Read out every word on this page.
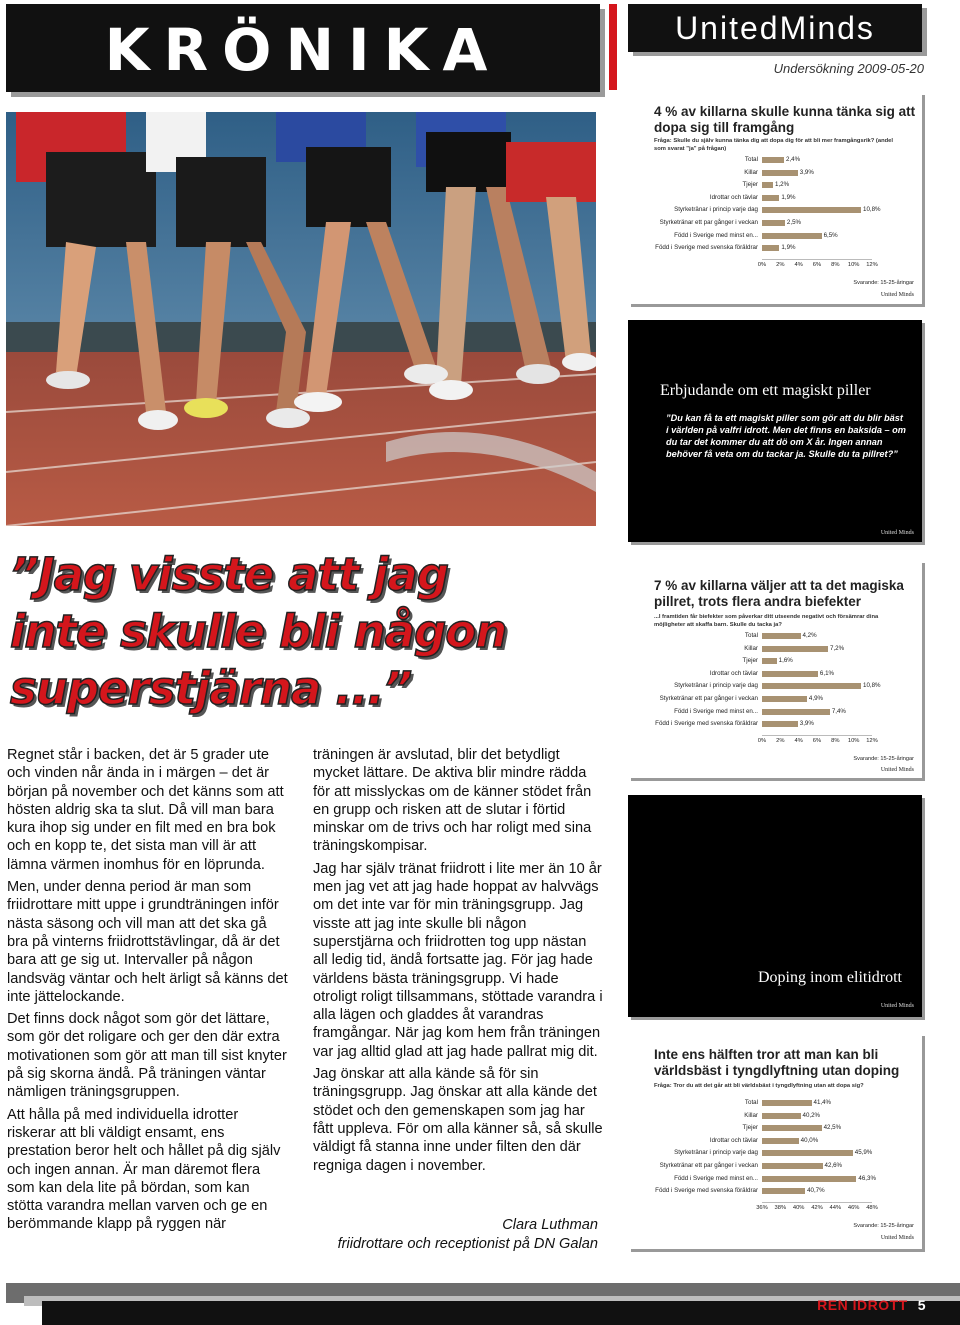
KRÖNIKA	UnitedMinds
Undersökning 2009-05-20
”Jag visste att jag
inte skulle bli någon
superstjärna ...”

Regnet står i backen, det är 5 grader ute och vinden når ända in i märgen – det är början på november och det känns som att hösten aldrig ska ta slut. Då vill man bara kura ihop sig under en filt med en bra bok och en kopp te, det sista man vill är att lämna värmen inomhus för en löprunda.

Men, under denna period är man som friidrottare mitt uppe i grundträningen inför nästa säsong och vill man att det ska gå bra på vinterns friidrottstävlingar, då är det bara att ge sig ut. Intervaller på någon landsväg väntar och helt ärligt så känns det inte jättelockande.

Det finns dock något som gör det lättare, som gör det roligare och ger den där extra motivationen som gör att man till sist knyter på sig skorna ändå. På träningen väntar nämligen träningsgruppen.

Att hålla på med individuella idrotter riskerar att bli väldigt ensamt, ens prestation beror helt och hållet på dig själv och ingen annan. Är man däremot flera som kan dela lite på bördan, som kan stötta varandra mellan varven och ge en berömmande klapp på ryggen när

träningen är avslutad, blir det betydligt mycket lättare. De aktiva blir mindre rädda för att misslyckas om de känner stödet från en grupp och risken att de slutar i förtid minskar om de trivs och har roligt med sina träningskompisar.

Jag har själv tränat friidrott i lite mer än 10 år men jag vet att jag hade hoppat av halvvägs om det inte var för min träningsgrupp. Jag visste att jag inte skulle bli någon superstjärna och friidrotten tog upp nästan all ledig tid, ändå fortsatte jag. För jag hade världens bästa träningsgrupp. Vi hade otroligt roligt tillsammans, stöttade varandra i alla lägen och gladdes åt varandras framgångar. När jag kom hem från träningen var jag alltid glad att jag hade pallrat mig dit.

Jag önskar att alla kände så för sin träningsgrupp. Jag önskar att alla kände det stödet och den gemenskapen som jag har fått uppleva. För om alla känner så, så skulle väldigt få stanna inne under filten den där regniga dagen i november.

Clara Luthman
friidrottare och receptionist på DN Galan
4 % av killarna skulle kunna tänka sig att dopa sig till framgång
Fråga: Skulle du själv kunna tänka dig att dopa dig för att bli mer framgångsrik? (andel som svarat "ja" på frågan)
Total	2,4%
Killar	3,9%
Tjejer	1,2%
Idrottar och tävlar	1,9%
Styrketränar i princip varje dag	10,8%
Styrketränar ett par gånger i veckan	2,5%
Född i Sverige med minst en...	6,5%
Född i Sverige med svenska föräldrar	1,9%
0% 2% 4% 6% 8% 10% 12%
Svarande: 15-25-åringar
United Minds
Erbjudande om ett magiskt piller
”Du kan få ta ett magiskt piller som gör att du blir bäst i världen på valfri idrott. Men det finns en baksida – om du tar det kommer du att dö om X år. Ingen annan behöver få veta om du tackar ja. Skulle du ta pillret?”
United Minds
7 % av killarna väljer att ta det magiska pillret, trots flera andra biefekter
...I framtiden får biefekter som påverkar ditt utseende negativt och försämrar dina möjligheter att skaffa barn. Skulle du tacka ja?
Total	4,2%
Killar	7,2%
Tjejer	1,6%
Idrottar och tävlar	6,1%
Styrketränar i princip varje dag	10,8%
Styrketränar ett par gånger i veckan	4,9%
Född i Sverige med minst en...	7,4%
Född i Sverige med svenska föräldrar	3,9%
0% 2% 4% 6% 8% 10% 12%
Svarande: 15-25-åringar
United Minds
Doping inom elitidrott
United Minds
Inte ens hälften tror att man kan bli världsbäst i tyngdlyftning utan doping
Fråga: Tror du att det går att bli världsbäst i tyngdlyftning utan att dopa sig?
Total	41,4%
Killar	40,2%
Tjejer	42,5%
Idrottar och tävlar	40,0%
Styrketränar i princip varje dag	45,9%
Styrketränar ett par gånger i veckan	42,6%
Född i Sverige med minst en...	46,3%
Född i Sverige med svenska föräldrar	40,7%
36% 38% 40% 42% 44% 46% 48%
Svarande: 15-25-åringar
United Minds
REN IDROTT 5
